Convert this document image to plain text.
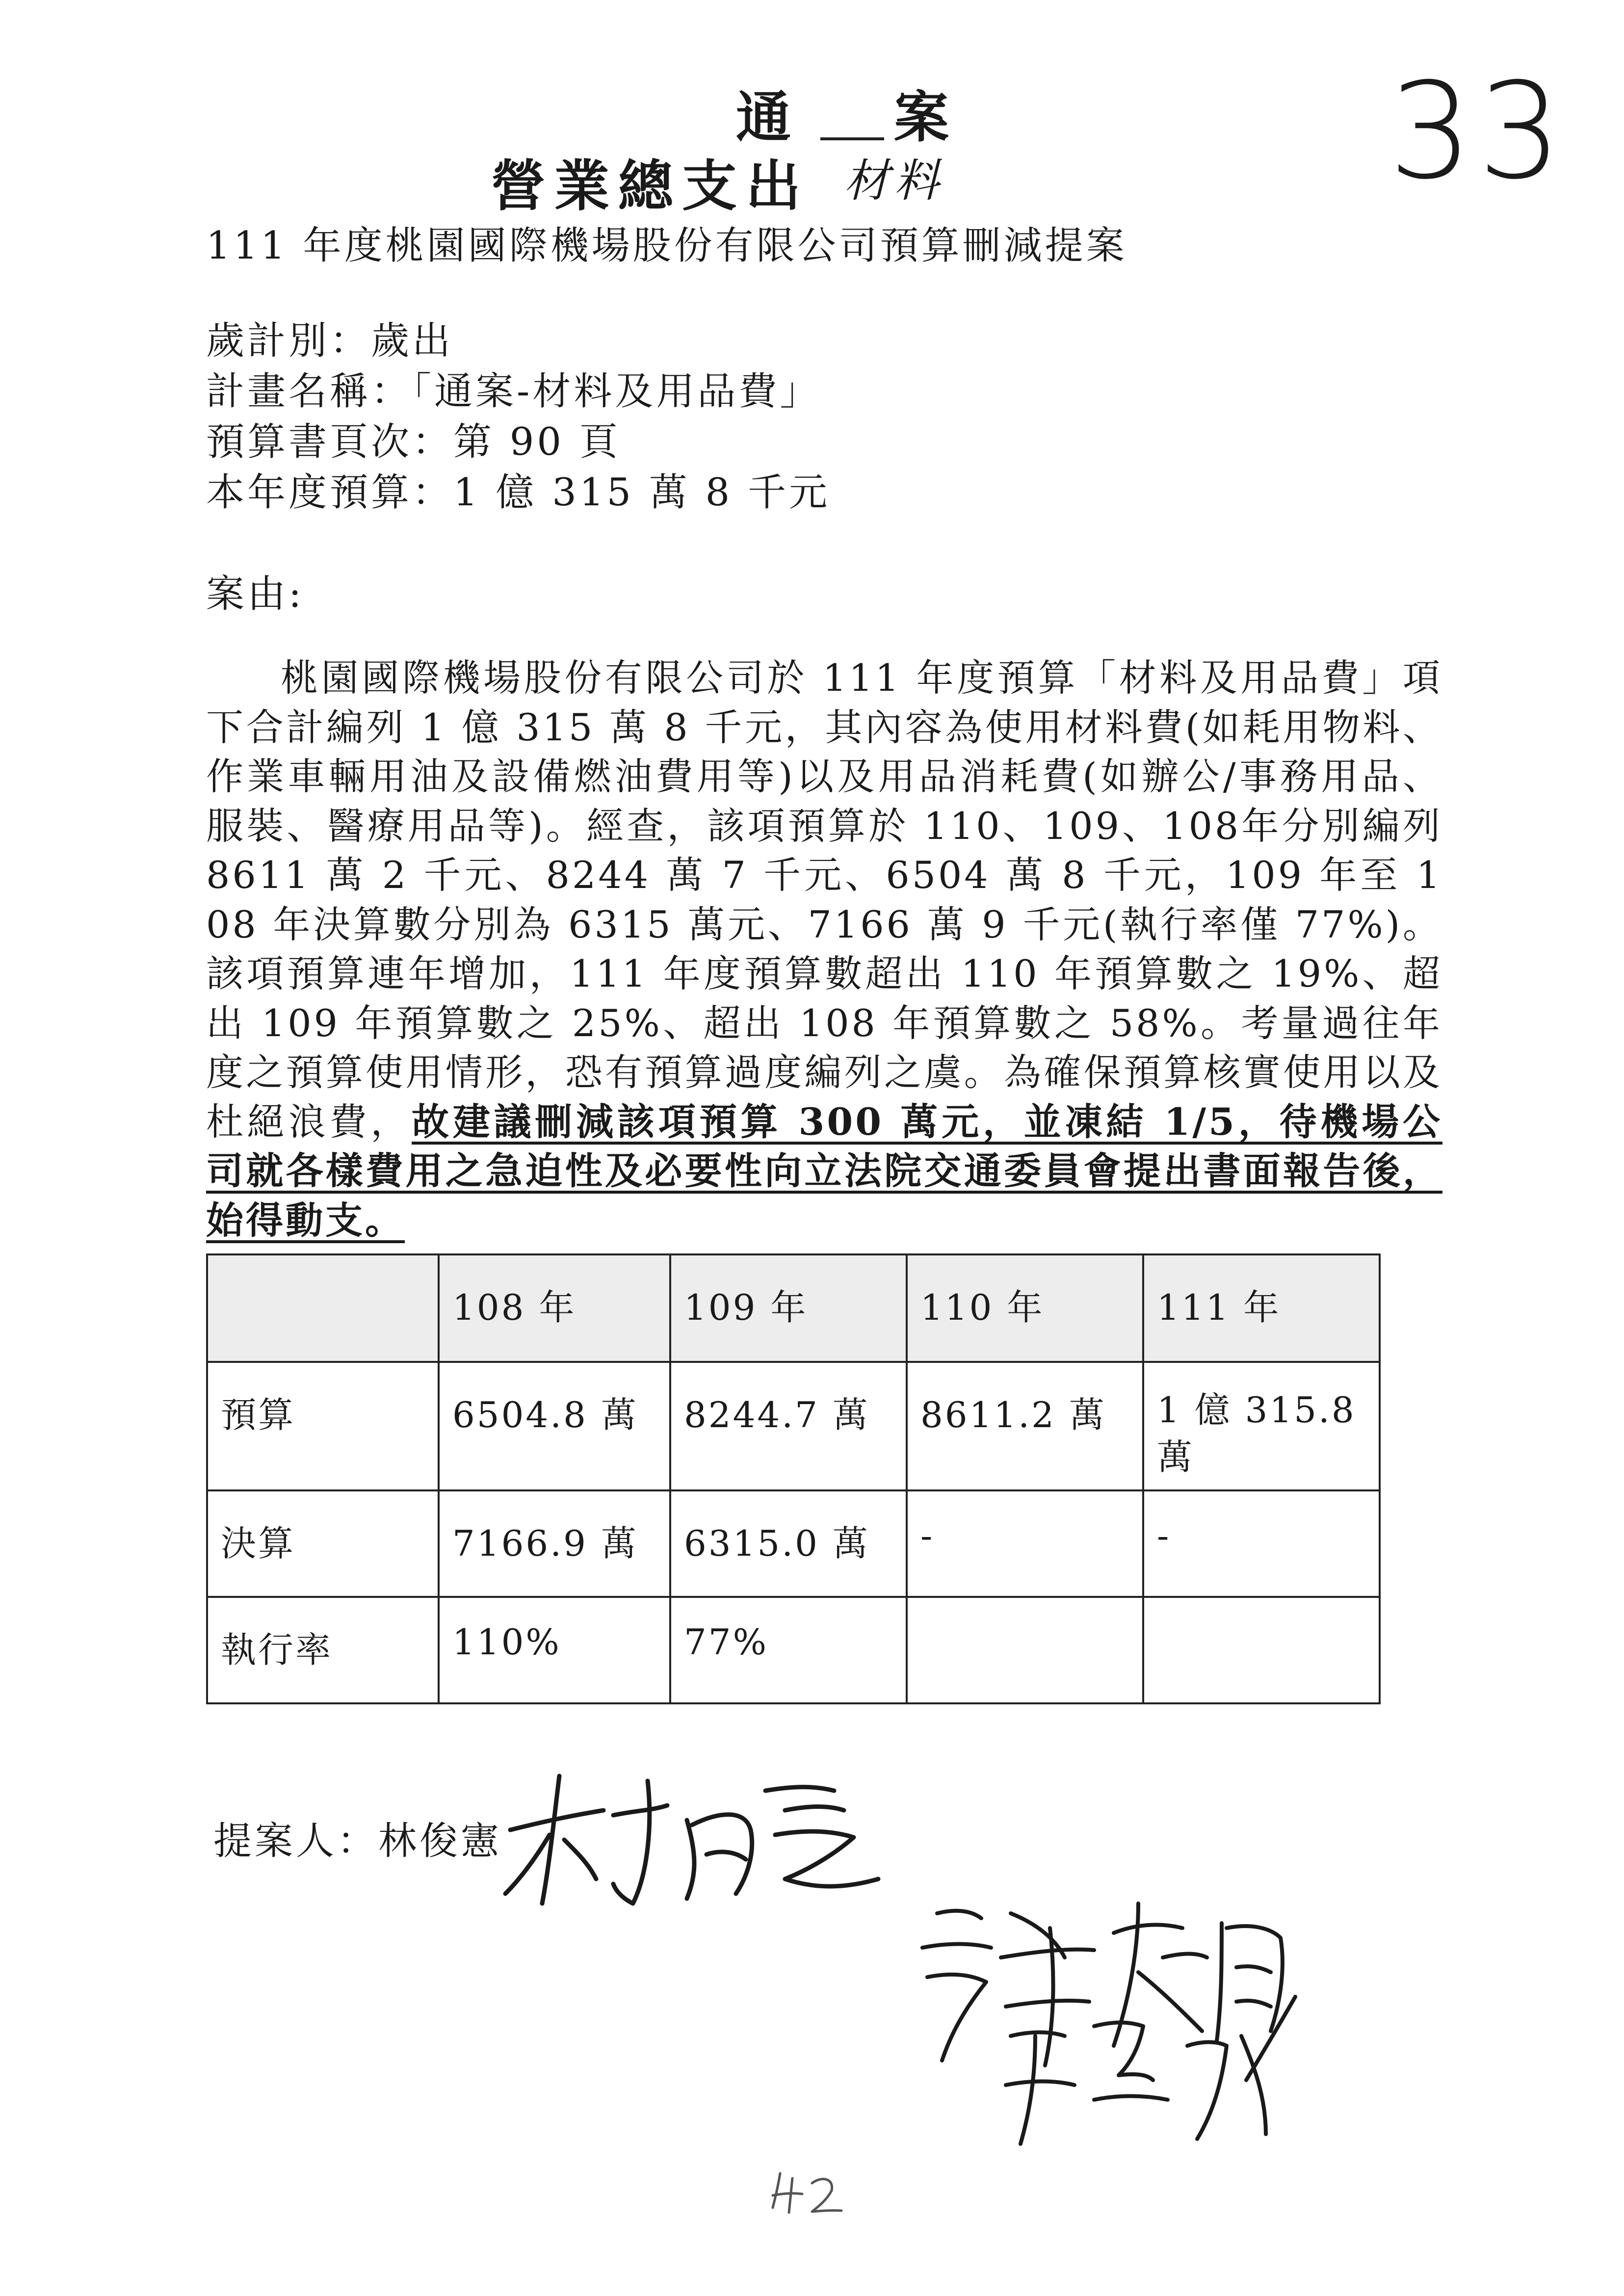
通 案
營業總支出 材料	33
111 年度桃園國際機場股份有限公司預算刪減提案
歲計別：歲出
計畫名稱：「通案-材料及用品費」
預算書頁次：第 90 頁
本年度預算：1 億 315 萬 8 千元
案由:
桃園國際機場股份有限公司於 111 年度預算「材料及用品費」項下合計編列 1 億 315 萬 8 千元，其內容為使用材料費(如耗用物料、作業車輛用油及設備燃油費用等)以及用品消耗費(如辦公/事務用品、服裝、醫療用品等)。經查，該項預算於 110、109、108年分別編列 8611 萬 2 千元、8244 萬 7 千元、6504 萬 8 千元，109 年至 108 年決算數分別為 6315 萬元、7166 萬 9 千元(執行率僅 77%)。該項預算連年增加，111 年度預算數超出 110 年預算數之 19%、超出 109 年預算數之 25%、超出 108 年預算數之 58%。考量過往年度之預算使用情形，恐有預算過度編列之虞。為確保預算核實使用以及杜絕浪費，故建議刪減該項預算 300 萬元，並凍結 1/5，待機場公司就各樣費用之急迫性及必要性向立法院交通委員會提出書面報告後，始得動支。
	108 年	109 年	110 年	111 年
預算	6504.8 萬	8244.7 萬	8611.2 萬	1 億 315.8 萬

決算	7166.9 萬	6315.0 萬	-	-
執行率	110%	77%		
提案人：林俊憲
